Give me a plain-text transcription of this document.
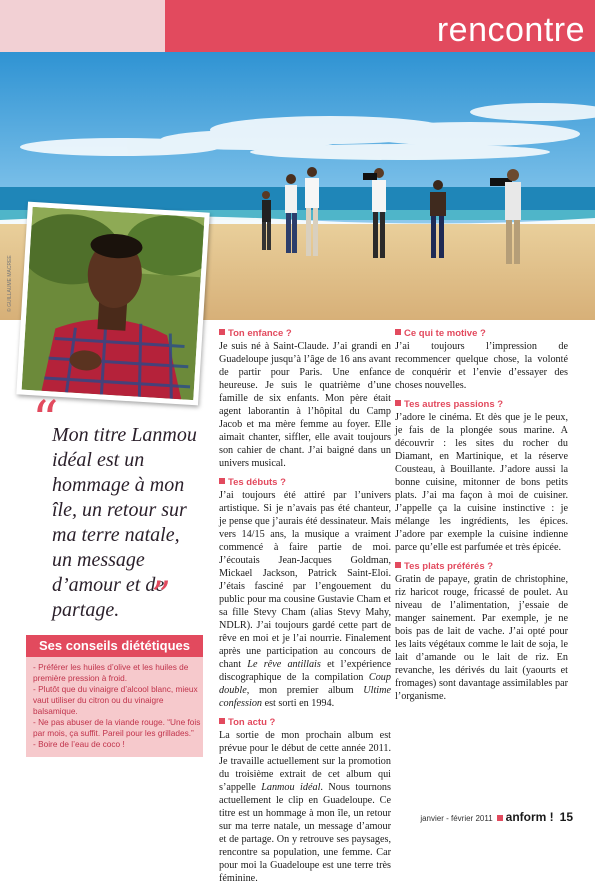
rencontre
© GUILLAUME MACREE
“
Mon titre Lanmou idéal est un hommage à mon île, un retour sur ma terre natale, un message d’amour et de partage.
„
Ses conseils diététiques
- Préférer les huiles d’olive et les huiles de première pression à froid.
- Plutôt que du vinaigre d’alcool blanc, mieux vaut utiliser du citron ou du vinaigre balsamique.
- Ne pas abuser de la viande rouge. “Une fois par mois, ça suffit. Pareil pour les grillades.”
- Boire de l’eau de coco !

Ton enfance ?

Je suis né à Saint-Claude. J’ai grandi en Guadeloupe jusqu’à l’âge de 16 ans avant de partir pour Paris. Une enfance heureuse. Je suis le quatrième d’une famille de six enfants. Mon père était agent laborantin à l’hôpital du Camp Jacob et ma mère femme au foyer. Elle aimait chanter, siffler, elle avait toujours son cahier de chant. J’ai baigné dans un univers musical.

Tes débuts ?

J’ai toujours été attiré par l’univers artistique. Si je n’avais pas été chanteur, je pense que j’aurais été dessinateur. Mais vers 14/15 ans, la musique a vraiment commencé à faire partie de moi. J’écoutais Jean-Jacques Goldman, Mickael Jackson, Patrick Saint-Eloi. J’étais fasciné par l’engouement du public pour ma cousine Gustavie Cham et sa fille Stevy Cham (alias Stevy Mahy, NDLR). J’ai toujours gardé cette part de rêve en moi et je l’ai nourrie. Finalement après une participation au concours de chant Le rêve antillais et l’expérience discographique de la compilation Coup double, mon premier album Ultime confession est sorti en 1994.

Ton actu ?

La sortie de mon prochain album est prévue pour le début de cette année 2011. Je travaille actuellement sur la promotion du troisième extrait de cet album qui s’appelle Lanmou idéal. Nous tournons actuellement le clip en Guadeloupe. Ce titre est un hommage à mon île, un retour sur ma terre natale, un message d’amour et de partage. On y retrouve ses paysages, rencontre sa population, une femme. Car pour moi la Guadeloupe est une terre très féminine.

Ce qui te motive ?

J’ai toujours l’impression de recommencer quelque chose, la volonté de conquérir et l’envie d’essayer des choses nouvelles.

Tes autres passions ?

J’adore le cinéma. Et dès que je le peux, je fais de la plongée sous marine. A découvrir : les sites du rocher du Diamant, en Martinique, et la réserve Cousteau, à Bouillante. J’adore aussi la bonne cuisine, mitonner de bons petits plats. J’ai ma façon à moi de cuisiner. J’appelle ça la cuisine instinctive : je mélange les ingrédients, les épices. J’adore par exemple la cuisine indienne parce qu’elle est parfumée et très épicée.

Tes plats préférés ?

Gratin de papaye, gratin de christophine, riz haricot rouge, fricassé de poulet. Au niveau de l’alimentation, j’essaie de manger sainement. Par exemple, je ne bois pas de lait de vache. J’ai opté pour les laits végétaux comme le lait de soja, le lait d’amande ou le lait de riz. En revanche, les dérivés du lait (yaourts et fromages) sont davantage assimilables par l’organisme.

janvier - février 2011 anform ! 15
